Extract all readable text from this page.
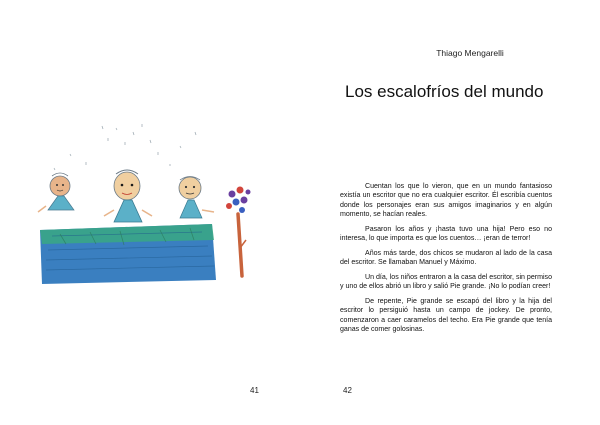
41
Thiago Mengarelli
Los escalofríos del mundo

Cuentan los que lo vieron, que en un mundo fantasioso existía un escritor que no era cualquier escritor. Él escribía cuentos donde los personajes eran sus amigos imaginarios y en algún momento, se hacían reales.

Pasaron los años y ¡hasta tuvo una hija! Pero eso no interesa, lo que importa es que los cuentos… ¡eran de terror!

Años más tarde, dos chicos se mudaron al lado de la casa del escritor. Se llamaban Manuel y Máximo.

Un día, los niños entraron a la casa del escritor, sin permiso y uno de ellos abrió un libro y salió Pie grande. ¡No lo podían creer!

De repente, Pie grande se escapó del libro y la hija del escritor lo persiguió hasta un campo de jockey. De pronto, comenzaron a caer caramelos del techo. Era Pie grande que tenía ganas de comer golosinas.

42
